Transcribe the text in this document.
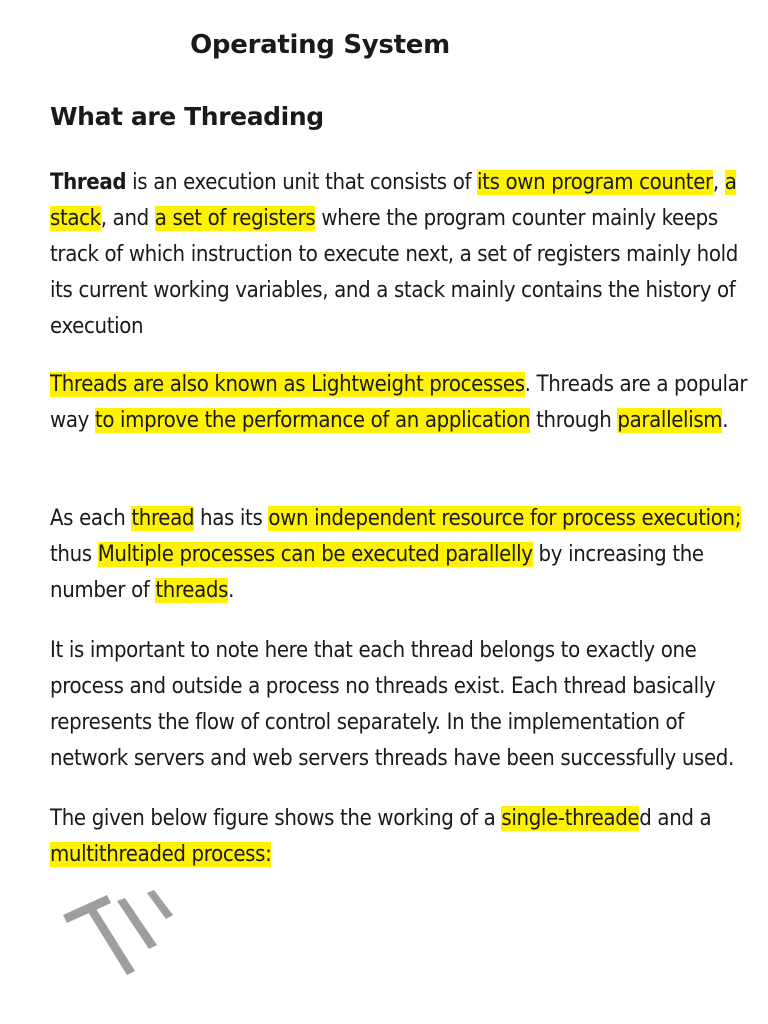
Operating System
What are Threading
Thread is an execution unit that consists of its own program counter, a stack, and a set of registers where the program counter mainly keeps track of which instruction to execute next, a set of registers mainly hold its current working variables, and a stack mainly contains the history of execution
Threads are also known as Lightweight processes. Threads are a popular way to improve the performance of an application through parallelism.
As each thread has its own independent resource for process execution; thus Multiple processes can be executed parallelly by increasing the number of threads.
It is important to note here that each thread belongs to exactly one process and outside a process no threads exist. Each thread basically represents the flow of control separately. In the implementation of network servers and web servers threads have been successfully used.
The given below figure shows the working of a single-threaded and a multithreaded process:
